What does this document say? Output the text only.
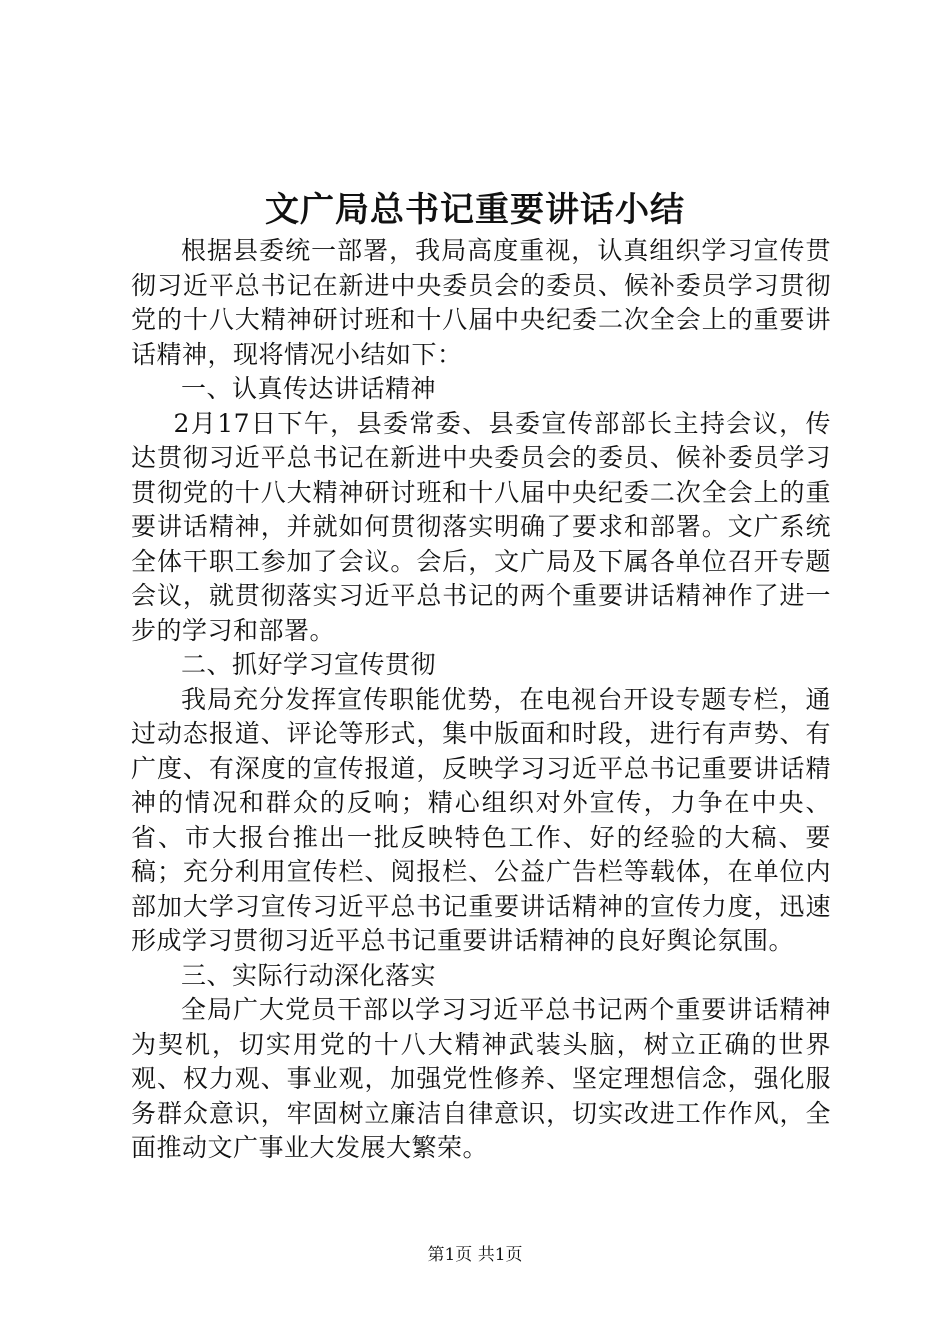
文广局总书记重要讲话小结

根据县委统一部署，我局高度重视，认真组织学习宣传贯彻习近平总书记在新进中央委员会的委员、候补委员学习贯彻党的十八大精神研讨班和十八届中央纪委二次全会上的重要讲话精神，现将情况小结如下：

一、认真传达讲话精神

2月17日下午，县委常委、县委宣传部部长主持会议，传达贯彻习近平总书记在新进中央委员会的委员、候补委员学习贯彻党的十八大精神研讨班和十八届中央纪委二次全会上的重要讲话精神，并就如何贯彻落实明确了要求和部署。文广系统全体干职工参加了会议。会后，文广局及下属各单位召开专题会议，就贯彻落实习近平总书记的两个重要讲话精神作了进一步的学习和部署。

二、抓好学习宣传贯彻

我局充分发挥宣传职能优势，在电视台开设专题专栏，通过动态报道、评论等形式，集中版面和时段，进行有声势、有广度、有深度的宣传报道，反映学习习近平总书记重要讲话精神的情况和群众的反响；精心组织对外宣传，力争在中央、省、市大报台推出一批反映特色工作、好的经验的大稿、要稿；充分利用宣传栏、阅报栏、公益广告栏等载体，在单位内部加大学习宣传习近平总书记重要讲话精神的宣传力度，迅速形成学习贯彻习近平总书记重要讲话精神的良好舆论氛围。

三、实际行动深化落实

全局广大党员干部以学习习近平总书记两个重要讲话精神为契机，切实用党的十八大精神武装头脑，树立正确的世界观、权力观、事业观，加强党性修养、坚定理想信念，强化服务群众意识，牢固树立廉洁自律意识，切实改进工作作风，全面推动文广事业大发展大繁荣。

第1页 共1页
